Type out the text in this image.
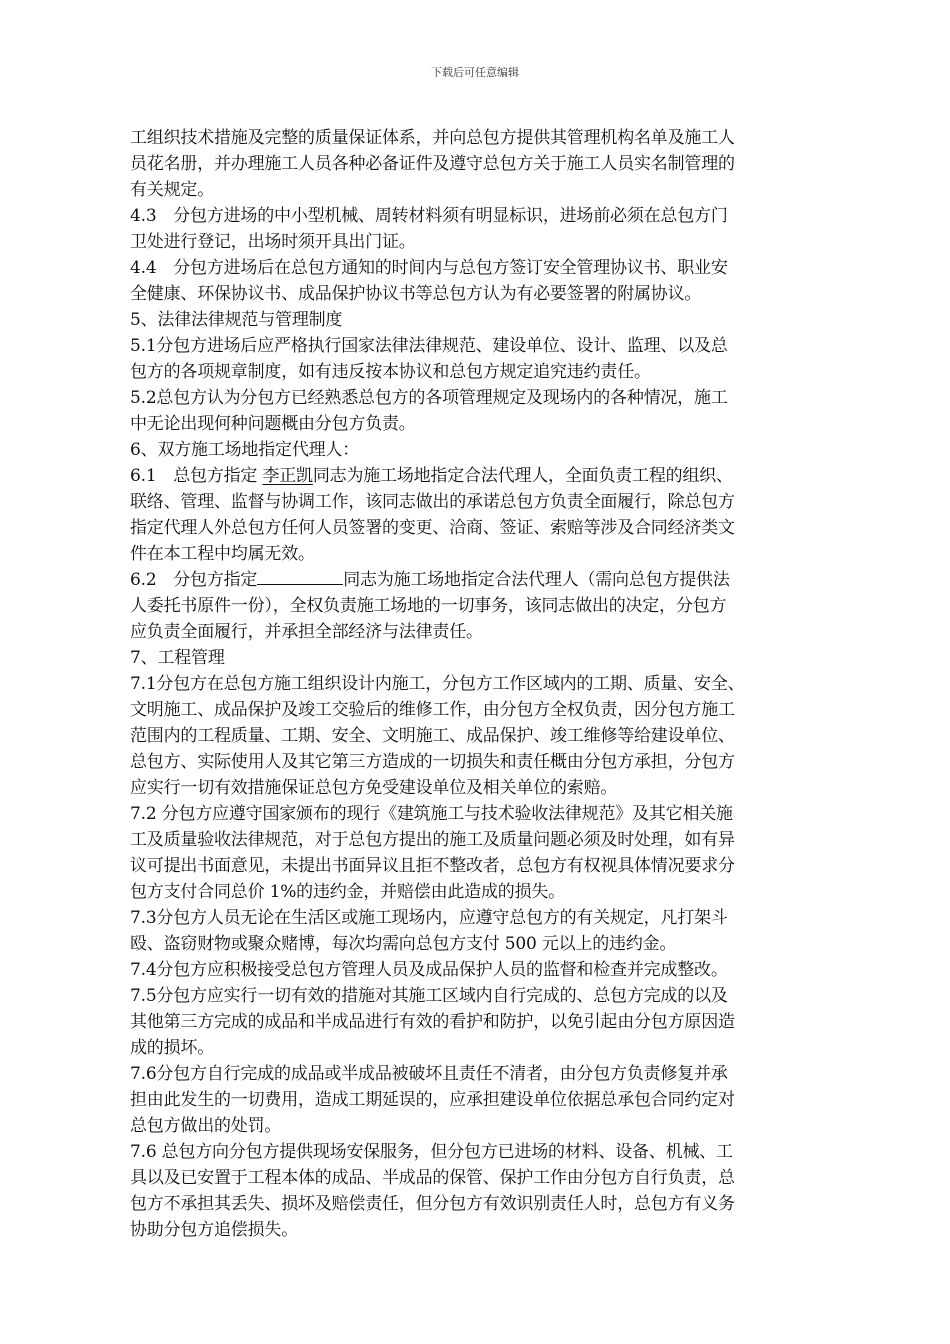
下载后可任意编辑
工组织技术措施及完整的质量保证体系，并向总包方提供其管理机构名单及施工人
员花名册，并办理施工人员各种必备证件及遵守总包方关于施工人员实名制管理的
有关规定。
4.3　分包方进场的中小型机械、周转材料须有明显标识，进场前必须在总包方门
卫处进行登记，出场时须开具出门证。
4.4　分包方进场后在总包方通知的时间内与总包方签订安全管理协议书、职业安
全健康、环保协议书、成品保护协议书等总包方认为有必要签署的附属协议。
5、法律法律规范与管理制度
5.1分包方进场后应严格执行国家法律法律规范、建设单位、设计、监理、以及总
包方的各项规章制度，如有违反按本协议和总包方规定追究违约责任。
5.2总包方认为分包方已经熟悉总包方的各项管理规定及现场内的各种情况，施工
中无论出现何种问题概由分包方负责。
6、双方施工场地指定代理人：
6.1　总包方指定 李正凯同志为施工场地指定合法代理人，全面负责工程的组织、
联络、管理、监督与协调工作，该同志做出的承诺总包方负责全面履行，除总包方
指定代理人外总包方任何人员签署的变更、洽商、签证、索赔等涉及合同经济类文
件在本工程中均属无效。
6.2　分包方指定	同志为施工场地指定合法代理人（需向总包方提供法
人委托书原件一份），全权负责施工场地的一切事务，该同志做出的决定，分包方
应负责全面履行，并承担全部经济与法律责任。
7、工程管理
7.1分包方在总包方施工组织设计内施工，分包方工作区域内的工期、质量、安全、
文明施工、成品保护及竣工交验后的维修工作，由分包方全权负责，因分包方施工
范围内的工程质量、工期、安全、文明施工、成品保护、竣工维修等给建设单位、
总包方、实际使用人及其它第三方造成的一切损失和责任概由分包方承担，分包方
应实行一切有效措施保证总包方免受建设单位及相关单位的索赔。
7.2 分包方应遵守国家颁布的现行《建筑施工与技术验收法律规范》及其它相关施
工及质量验收法律规范，对于总包方提出的施工及质量问题必须及时处理，如有异
议可提出书面意见，未提出书面异议且拒不整改者，总包方有权视具体情况要求分
包方支付合同总价 1%的违约金，并赔偿由此造成的损失。
7.3分包方人员无论在生活区或施工现场内，应遵守总包方的有关规定，凡打架斗
殴、盗窃财物或聚众赌博，每次均需向总包方支付 500 元以上的违约金。
7.4分包方应积极接受总包方管理人员及成品保护人员的监督和检查并完成整改。
7.5分包方应实行一切有效的措施对其施工区域内自行完成的、总包方完成的以及
其他第三方完成的成品和半成品进行有效的看护和防护，以免引起由分包方原因造
成的损坏。
7.6分包方自行完成的成品或半成品被破坏且责任不清者，由分包方负责修复并承
担由此发生的一切费用，造成工期延误的，应承担建设单位依据总承包合同约定对
总包方做出的处罚。
7.6 总包方向分包方提供现场安保服务，但分包方已进场的材料、设备、机械、工
具以及已安置于工程本体的成品、半成品的保管、保护工作由分包方自行负责，总
包方不承担其丢失、损坏及赔偿责任，但分包方有效识别责任人时，总包方有义务
协助分包方追偿损失。
